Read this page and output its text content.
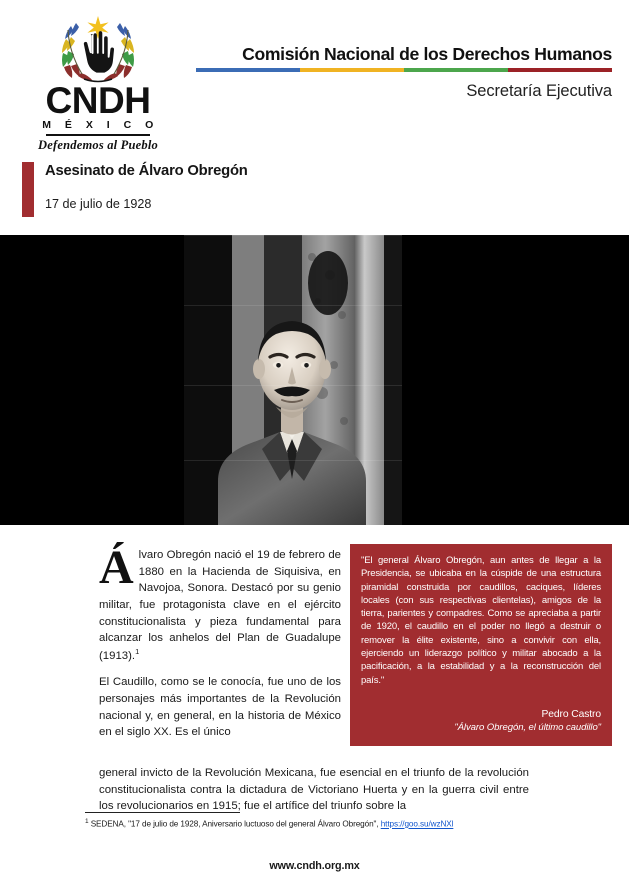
CNDH
M É X I C O
Defendemos al Pueblo
Comisión Nacional de los Derechos Humanos
Secretaría Ejecutiva
Asesinato de Álvaro Obregón
17 de julio de 1928

Álvaro Obregón nació el 19 de febrero de 1880 en la Hacienda de Siquisiva, en Navojoa, Sonora. Destacó por su genio militar, fue protagonista clave en el ejército constitucionalista y pieza fundamental para alcanzar los anhelos del Plan de Guadalupe (1913).$^1$

El Caudillo, como se le conocía, fue uno de los personajes más importantes de la Revolución nacional y, en general, en la historia de México en el siglo XX. Es el único

general invicto de la Revolución Mexicana, fue esencial en el triunfo de la revolución constitucionalista contra la dictadura de Victoriano Huerta y en la guerra civil entre los revolucionarios en 1915; fue el artífice del triunfo sobre la

"El general Álvaro Obregón, aun antes de llegar a la Presidencia, se ubicaba en la cúspide de una estructura piramidal construida por caudillos, caciques, líderes locales (con sus respectivas clientelas), amigos de la tierra, parientes y compadres. Como se apreciaba a partir de 1920, el caudillo en el poder no llegó a destruir o remover la élite existente, sino a convivir con ella, ejerciendo un liderazgo político y militar abocado a la pacificación, a la estabilidad y a la reconstrucción del país."

Pedro Castro
"Álvaro Obregón, el último caudillo"
$^1$ SEDENA, "17 de julio de 1928, Aniversario luctuoso del general Álvaro Obregón", https://goo.su/wzNXl
www.cndh.org.mx
